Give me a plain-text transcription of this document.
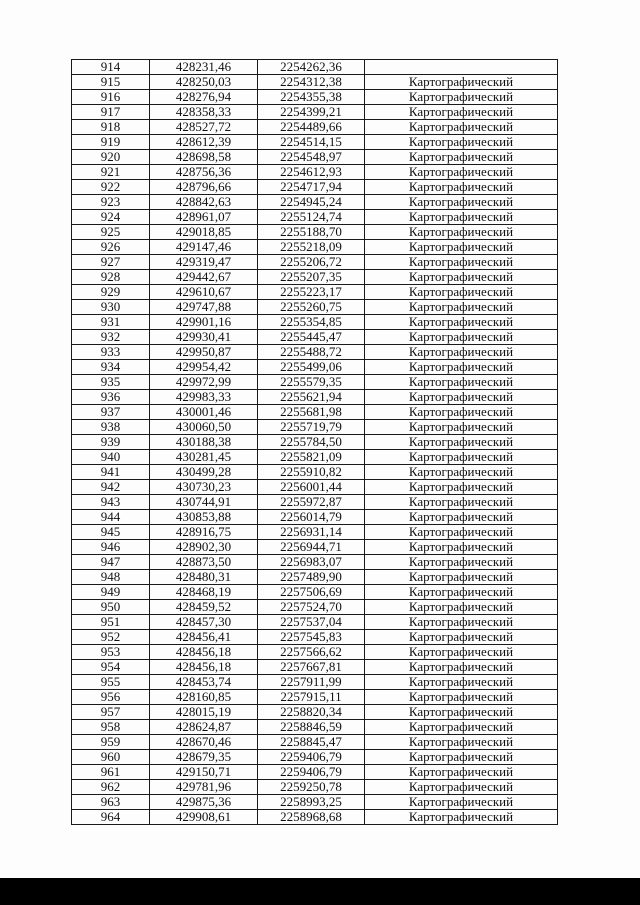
914	428231,46	2254262,36	
915	428250,03	2254312,38	Картографический
916	428276,94	2254355,38	Картографический
917	428358,33	2254399,21	Картографический
918	428527,72	2254489,66	Картографический
919	428612,39	2254514,15	Картографический
920	428698,58	2254548,97	Картографический
921	428756,36	2254612,93	Картографический
922	428796,66	2254717,94	Картографический
923	428842,63	2254945,24	Картографический
924	428961,07	2255124,74	Картографический
925	429018,85	2255188,70	Картографический
926	429147,46	2255218,09	Картографический
927	429319,47	2255206,72	Картографический
928	429442,67	2255207,35	Картографический
929	429610,67	2255223,17	Картографический
930	429747,88	2255260,75	Картографический
931	429901,16	2255354,85	Картографический
932	429930,41	2255445,47	Картографический
933	429950,87	2255488,72	Картографический
934	429954,42	2255499,06	Картографический
935	429972,99	2255579,35	Картографический
936	429983,33	2255621,94	Картографический
937	430001,46	2255681,98	Картографический
938	430060,50	2255719,79	Картографический
939	430188,38	2255784,50	Картографический
940	430281,45	2255821,09	Картографический
941	430499,28	2255910,82	Картографический
942	430730,23	2256001,44	Картографический
943	430744,91	2255972,87	Картографический
944	430853,88	2256014,79	Картографический
945	428916,75	2256931,14	Картографический
946	428902,30	2256944,71	Картографический
947	428873,50	2256983,07	Картографический
948	428480,31	2257489,90	Картографический
949	428468,19	2257506,69	Картографический
950	428459,52	2257524,70	Картографический
951	428457,30	2257537,04	Картографический
952	428456,41	2257545,83	Картографический
953	428456,18	2257566,62	Картографический
954	428456,18	2257667,81	Картографический
955	428453,74	2257911,99	Картографический
956	428160,85	2257915,11	Картографический
957	428015,19	2258820,34	Картографический
958	428624,87	2258846,59	Картографический
959	428670,46	2258845,47	Картографический
960	428679,35	2259406,79	Картографический
961	429150,71	2259406,79	Картографический
962	429781,96	2259250,78	Картографический
963	429875,36	2258993,25	Картографический
964	429908,61	2258968,68	Картографический
